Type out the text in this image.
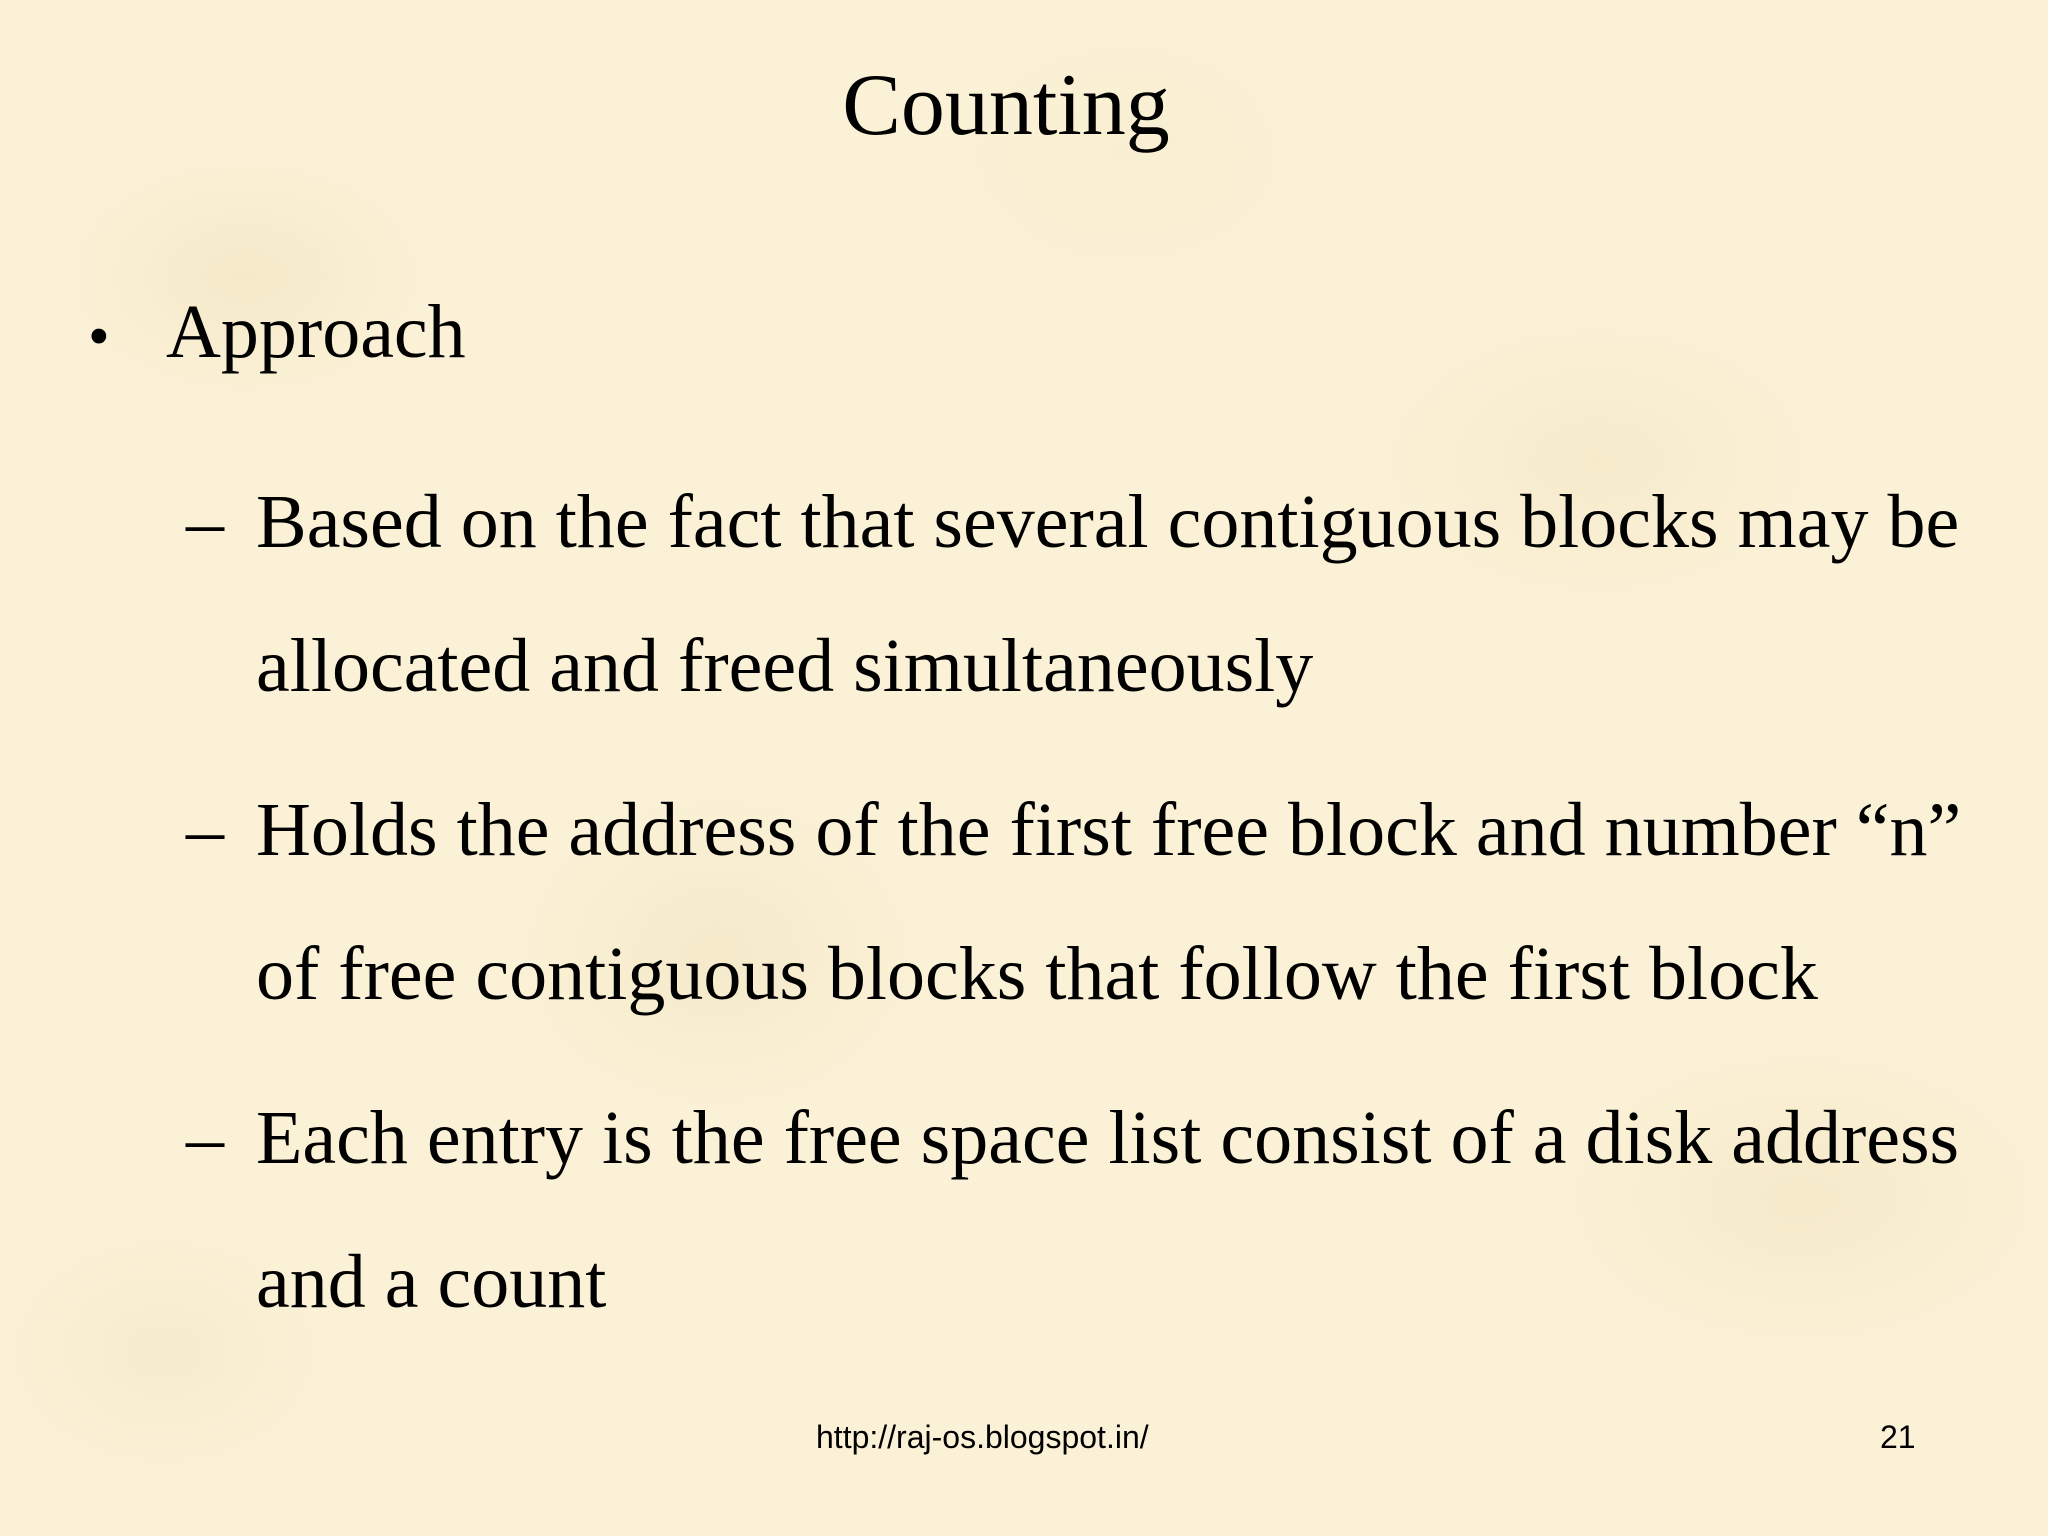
Counting
• Approach
– Based on the fact that several contiguous blocks may be allocated and freed simultaneously
– Holds the address of the first free block and number “n” of free contiguous blocks that follow the first block
– Each entry is the free space list consist of a disk address and a count
http://raj-os.blogspot.in/	21
